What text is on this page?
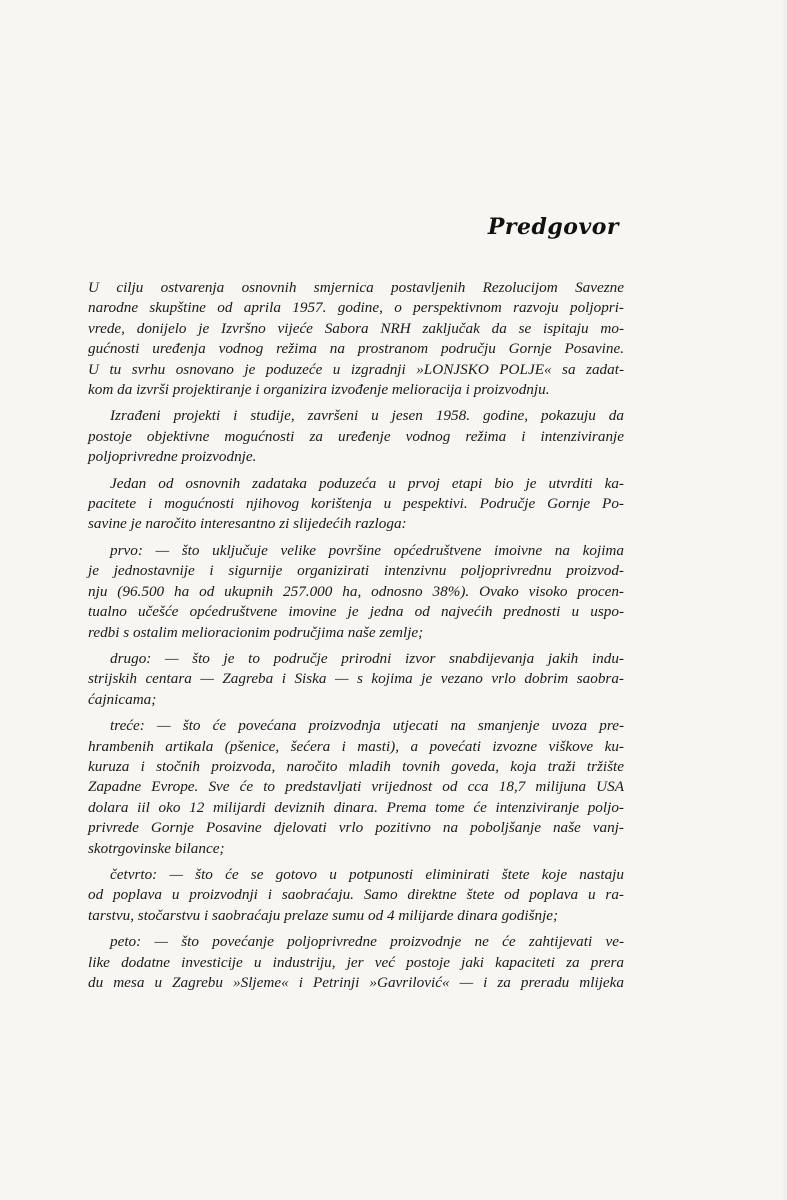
Predgovor
U cilju ostvarenja osnovnih smjernica postavljenih Rezolucijom Savezne
narodne skupštine od aprila 1957. godine, o perspektivnom razvoju poljopri-
vrede, donijelo je Izvršno vijeće Sabora NRH zaključak da se ispitaju mo-
gućnosti uređenja vodnog režima na prostranom području Gornje Posavine.
U tu svrhu osnovano je poduzeće u izgradnji »LONJSKO POLJE« sa zadat-
kom da izvrši projektiranje i organizira izvođenje melioracija i proizvodnju.
Izrađeni projekti i studije, završeni u jesen 1958. godine, pokazuju da
postoje objektivne mogućnosti za uređenje vodnog režima i intenziviranje
poljoprivredne proizvodnje.
Jedan od osnovnih zadataka poduzeća u prvoj etapi bio je utvrditi ka-
pacitete i mogućnosti njihovog korištenja u pespektivi. Područje Gornje Po-
savine je naročito interesantno zi slijedećih razloga:
prvo: — što uključuje velike površine općedruštvene imoivne na kojima
je jednostavnije i sigurnije organizirati intenzivnu poljoprivrednu proizvod-
nju (96.500 ha od ukupnih 257.000 ha, odnosno 38%). Ovako visoko procen-
tualno učešće općedruštvene imovine je jedna od najvećih prednosti u uspo-
redbi s ostalim melioracionim područjima naše zemlje;
drugo: — što je to područje prirodni izvor snabdijevanja jakih indu-
strijskih centara — Zagreba i Siska — s kojima je vezano vrlo dobrim saobra-
ćajnicama;
treće: — što će povećana proizvodnja utjecati na smanjenje uvoza pre-
hrambenih artikala (pšenice, šećera i masti), a povećati izvozne viškove ku-
kuruza i stočnih proizvoda, naročito mladih tovnih goveda, koja traži tržište
Zapadne Evrope. Sve će to predstavljati vrijednost od cca 18,7 milijuna USA
dolara iil oko 12 milijardi deviznih dinara. Prema tome će intenziviranje poljo-
privrede Gornje Posavine djelovati vrlo pozitivno na poboljšanje naše vanj-
skotrgovinske bilance;
četvrto: — što će se gotovo u potpunosti eliminirati štete koje nastaju
od poplava u proizvodnji i saobraćaju. Samo direktne štete od poplava u ra-
tarstvu, stočarstvu i saobraćaju prelaze sumu od 4 milijarde dinara godišnje;
peto: — što povećanje poljoprivredne proizvodnje ne će zahtijevati ve-
like dodatne investicije u industriju, jer već postoje jaki kapaciteti za prera
du mesa u Zagrebu »Sljeme« i Petrinji »Gavrilović« — i za preradu mlijeka
